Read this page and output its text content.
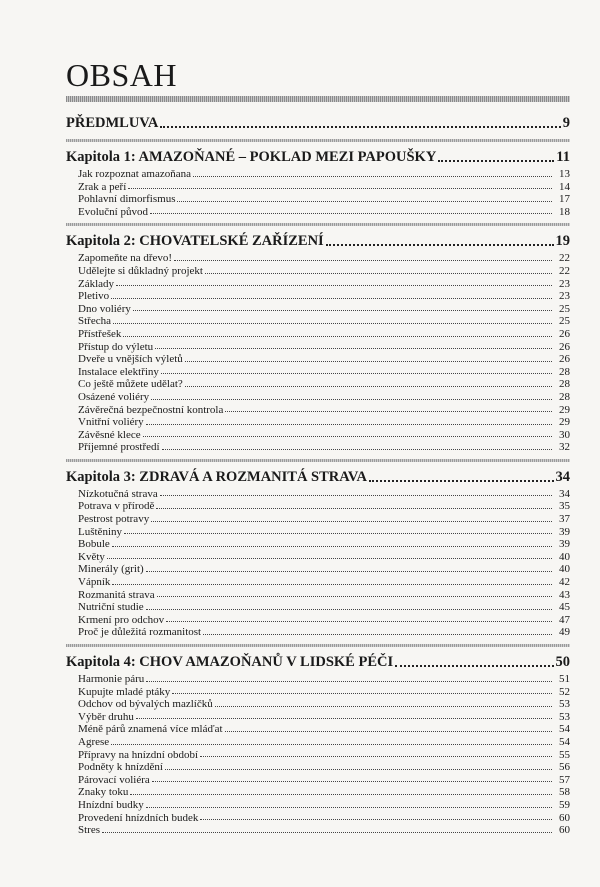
OBSAH
PŘEDMLUVA	9
Kapitola 1: AMAZOŇANÉ – POKLAD MEZI PAPOUŠKY	11
Jak rozpoznat amazoňana	13
Zrak a peří	14
Pohlavní dimorfismus	17
Evoluční původ	18
Kapitola 2: CHOVATELSKÉ ZAŘÍZENÍ	19
Zapomeňte na dřevo!	22
Udělejte si důkladný projekt	22
Základy	23
Pletivo	23
Dno voliéry	25
Střecha	25
Přístřešek	26
Přístup do výletu	26
Dveře u vnějších výletů	26
Instalace elektřiny	28
Co ještě můžete udělat?	28
Osázené voliéry	28
Závěrečná bezpečnostní kontrola	29
Vnitřní voliéry	29
Závěsné klece	30
Příjemné prostředí	32
Kapitola 3: ZDRAVÁ A ROZMANITÁ STRAVA	34
Nízkotučná strava	34
Potrava v přírodě	35
Pestrost potravy	37
Luštěniny	39
Bobule	39
Květy	40
Minerály (grit)	40
Vápník	42
Rozmanitá strava	43
Nutriční studie	45
Krmení pro odchov	47
Proč je důležitá rozmanitost	49
Kapitola 4: CHOV AMAZOŇANŮ V LIDSKÉ PÉČI	50
Harmonie páru	51
Kupujte mladé ptáky	52
Odchov od bývalých mazlíčků	53
Výběr druhu	53
Méně párů znamená více mláďat	54
Agrese	54
Přípravy na hnízdní období	55
Podněty k hnízdění	56
Párovací voliéra	57
Znaky toku	58
Hnízdní budky	59
Provedení hnízdních budek	60
Stres	60
